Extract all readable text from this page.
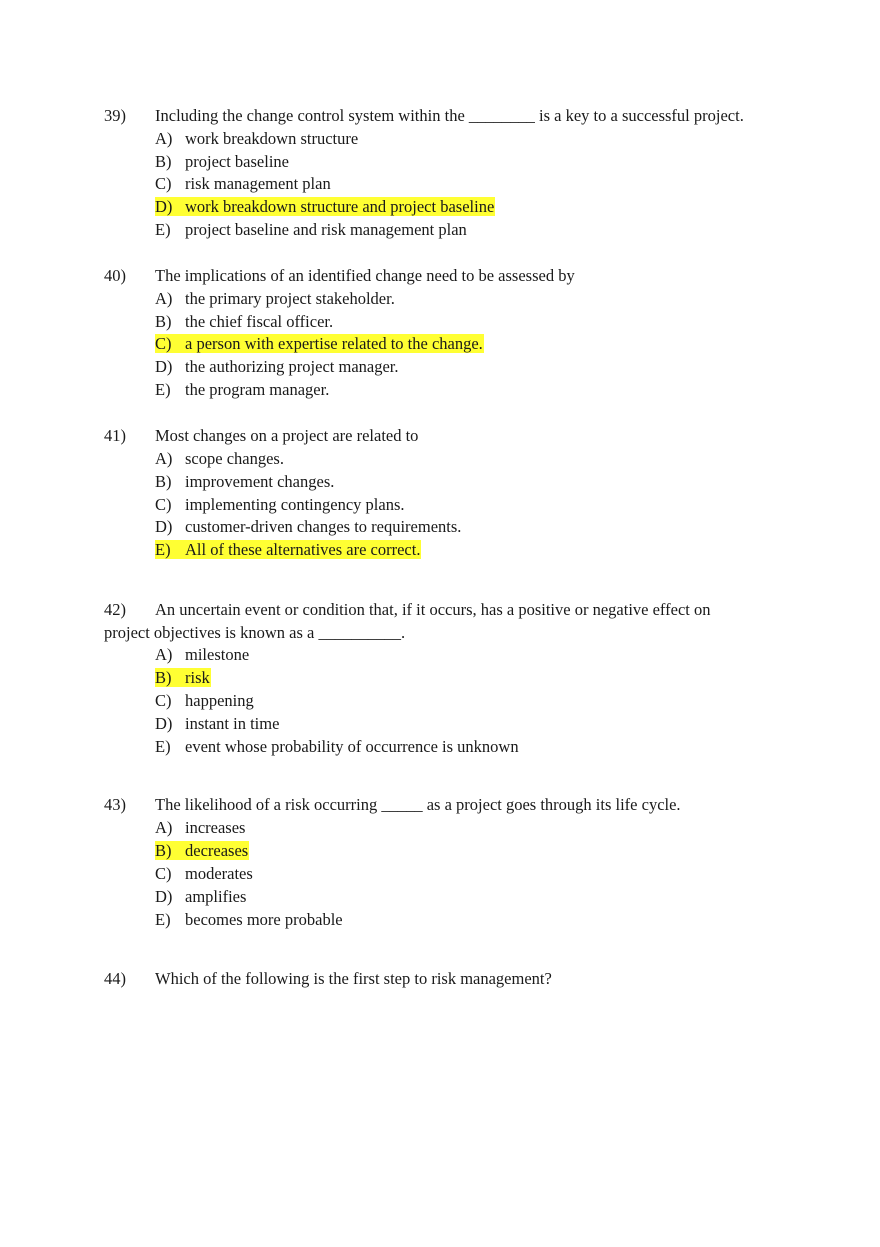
39) Including the change control system within the ________ is a key to a successful project.
A) work breakdown structure
B) project baseline
C) risk management plan
D) work breakdown structure and project baseline
E) project baseline and risk management plan
40) The implications of an identified change need to be assessed by
A) the primary project stakeholder.
B) the chief fiscal officer.
C) a person with expertise related to the change.
D) the authorizing project manager.
E) the program manager.
41) Most changes on a project are related to
A) scope changes.
B) improvement changes.
C) implementing contingency plans.
D) customer-driven changes to requirements.
E) All of these alternatives are correct.
42) An uncertain event or condition that, if it occurs, has a positive or negative effect on
project objectives is known as a __________.
A) milestone
B) risk
C) happening
D) instant in time
E) event whose probability of occurrence is unknown
43) The likelihood of a risk occurring _____ as a project goes through its life cycle.
A) increases
B) decreases
C) moderates
D) amplifies
E) becomes more probable
44) Which of the following is the first step to risk management?
